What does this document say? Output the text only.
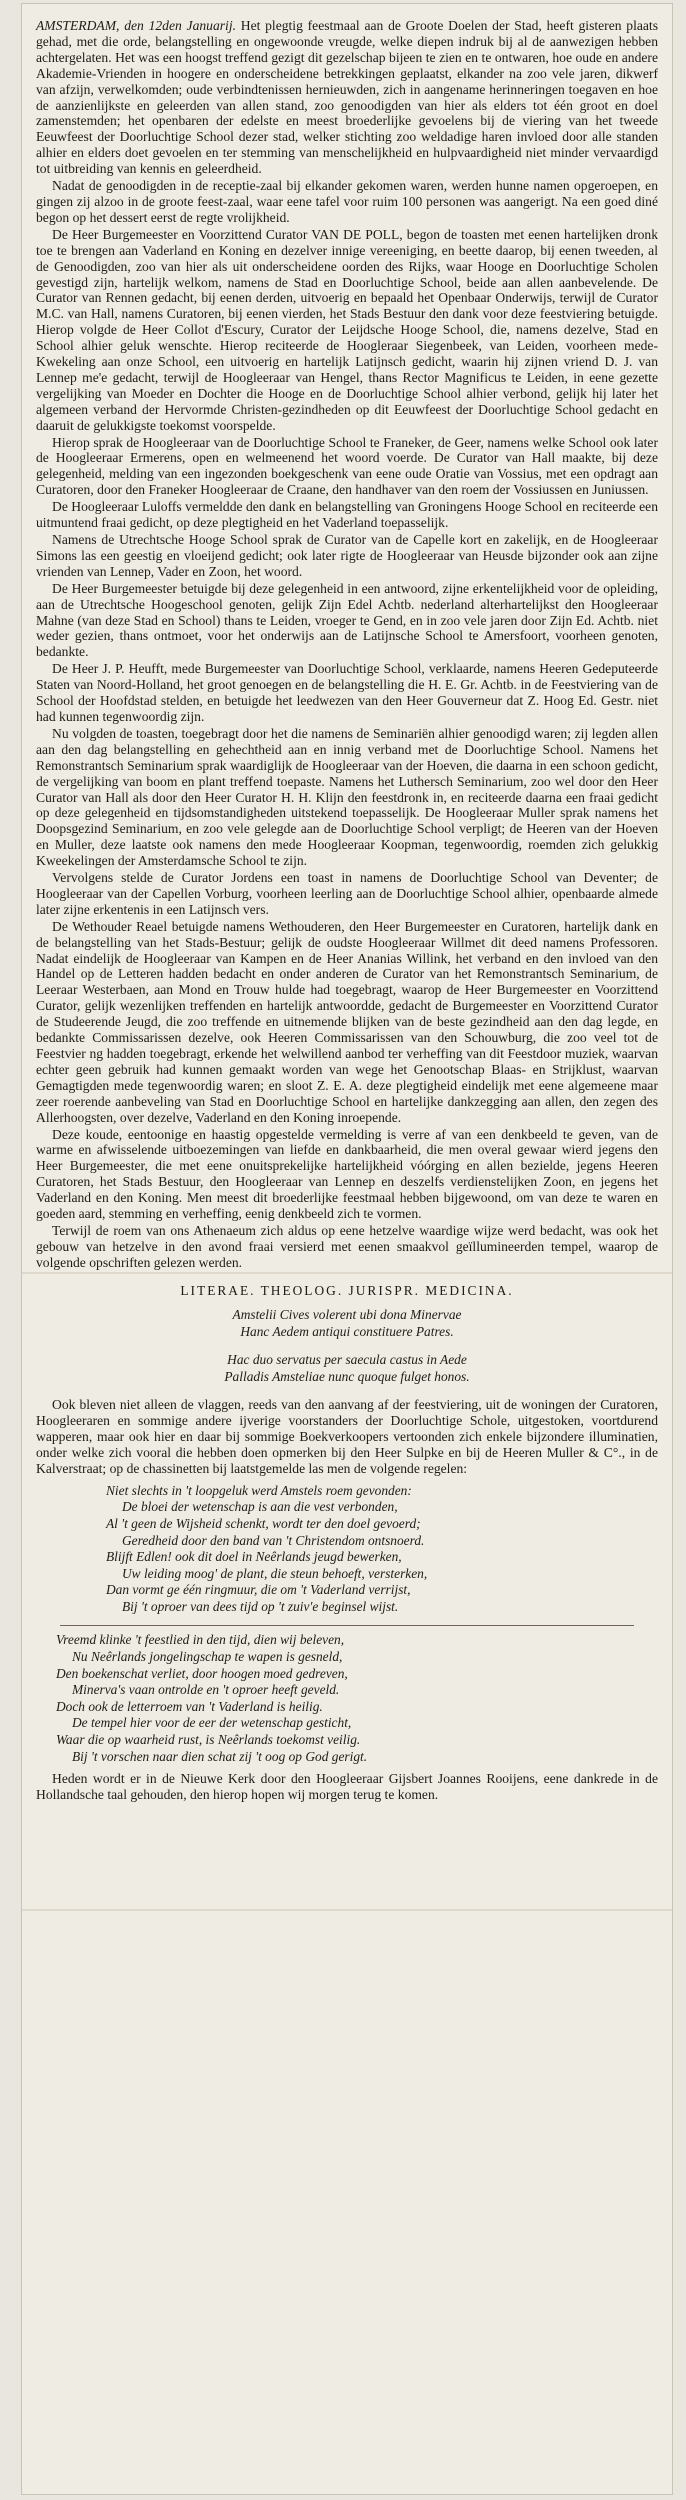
AMSTERDAM, den 12den Januarij. Het plegtig feestmaal aan de Groote Doelen der Stad, heeft gisteren plaats gehad, met die orde, belangstelling en ongewoonde vreugde, welke diepen indruk bij al de aanwezigen hebben achtergelaten. Het was een hoogst treffend gezigt dit gezelschap bijeen te zien en te ontwaren, hoe oude en andere Akademie-Vrienden in hoogere en onderscheidene betrekkingen geplaatst, elkander na zoo vele jaren, dikwerf van afzijn, verwelkomden; oude verbindtenissen hernieuwden, zich in aangename herinneringen toegaven en hoe de aanzienlijkste en geleerden van allen stand, zoo genoodigden van hier als elders tot één groot en doel zamenstemden; het openbaren der edelste en meest broederlijke gevoelens bij de viering van het tweede Eeuwfeest der Doorluchtige School dezer stad, welker stichting zoo weldadige haren invloed door alle standen alhier en elders doet gevoelen en ter stemming van menschelijkheid en hulpvaardigheid niet minder vervaardigd tot uitbreiding van kennis en geleerdheid.

Nadat de genoodigden in de receptie-zaal bij elkander gekomen waren, werden hunne namen opgeroepen, en gingen zij alzoo in de groote feest-zaal, waar eene tafel voor ruim 100 personen was aangerigt. Na een goed diné begon op het dessert eerst de regte vrolijkheid.

De Heer Burgemeester en Voorzittend Curator VAN DE POLL, begon de toasten met eenen hartelijken dronk toe te brengen aan Vaderland en Koning en dezelver innige vereeniging, en beette daarop, bij eenen tweeden, al de Genoodigden, zoo van hier als uit onderscheidene oorden des Rijks, waar Hooge en Doorluchtige Scholen gevestigd zijn, hartelijk welkom, namens de Stad en Doorluchtige School, beide aan allen aanbevelende. De Curator van Rennen gedacht, bij eenen derden, uitvoerig en bepaald het Openbaar Onderwijs, terwijl de Curator M.C. van Hall, namens Curatoren, bij eenen vierden, het Stads Bestuur den dank voor deze feestviering betuigde. Hierop volgde de Heer Collot d'Escury, Curator der Leijdsche Hooge School, die, namens dezelve, Stad en School alhier geluk wenschte. Hierop reciteerde de Hoogleraar Siegenbeek, van Leiden, voorheen mede-Kwekeling aan onze School, een uitvoerig en hartelijk Latijnsch gedicht, waarin hij zijnen vriend D. J. van Lennep me'e gedacht, terwijl de Hoogleeraar van Hengel, thans Rector Magnificus te Leiden, in eene gezette vergelijking van Moeder en Dochter die Hooge en de Doorluchtige School alhier verbond, gelijk hij later het algemeen verband der Hervormde Christen-gezindheden op dit Eeuwfeest der Doorluchtige School gedacht en daaruit de gelukkigste toekomst voorspelde.

Hierop sprak de Hoogleeraar van de Doorluchtige School te Franeker, de Geer, namens welke School ook later de Hoogleeraar Ermerens, open en welmeenend het woord voerde. De Curator van Hall maakte, bij deze gelegenheid, melding van een ingezonden boekgeschenk van eene oude Oratie van Vossius, met een opdragt aan Curatoren, door den Franeker Hoogleeraar de Craane, den handhaver van den roem der Vossiussen en Juniussen.

De Hoogleeraar Luloffs vermeldde den dank en belangstelling van Groningens Hooge School en reciteerde een uitmuntend fraai gedicht, op deze plegtigheid en het Vaderland toepasselijk.

Namens de Utrechtsche Hooge School sprak de Curator van de Capelle kort en zakelijk, en de Hoogleeraar Simons las een geestig en vloeijend gedicht; ook later rigte de Hoogleeraar van Heusde bijzonder ook aan zijne vrienden van Lennep, Vader en Zoon, het woord.

De Heer Burgemeester betuigde bij deze gelegenheid in een antwoord, zijne erkentelijkheid voor de opleiding, aan de Utrechtsche Hoogeschool genoten, gelijk Zijn Edel Achtb. nederland alterhartelijkst den Hoogleeraar Mahne (van deze Stad en School) thans te Leiden, vroeger te Gend, en in zoo vele jaren door Zijn Ed. Achtb. niet weder gezien, thans ontmoet, voor het onderwijs aan de Latijnsche School te Amersfoort, voorheen genoten, bedankte.

De Heer J. P. Heufft, mede Burgemeester van Doorluchtige School, verklaarde, namens Heeren Gedeputeerde Staten van Noord-Holland, het groot genoegen en de belangstelling die H. E. Gr. Achtb. in de Feestviering van de School der Hoofdstad stelden, en betuigde het leedwezen van den Heer Gouverneur dat Z. Hoog Ed. Gestr. niet had kunnen tegenwoordig zijn.

Nu volgden de toasten, toegebragt door het die namens de Seminariën alhier genoodigd waren; zij legden allen aan den dag belangstelling en gehechtheid aan en innig verband met de Doorluchtige School. Namens het Remonstrantsch Seminarium sprak waardiglijk de Hoogleeraar van der Hoeven, die daarna in een schoon gedicht, de vergelijking van boom en plant treffend toepaste. Namens het Luthersch Seminarium, zoo wel door den Heer Curator van Hall als door den Heer Curator H. H. Klijn den feestdronk in, en reciteerde daarna een fraai gedicht op deze gelegenheid en tijdsomstandigheden uitstekend toepasselijk. De Hoogleeraar Muller sprak namens het Doopsgezind Seminarium, en zoo vele gelegde aan de Doorluchtige School verpligt; de Heeren van der Hoeven en Muller, deze laatste ook namens den mede Hoogleeraar Koopman, tegenwoordig, roemden zich gelukkig Kweekelingen der Amsterdamsche School te zijn.

Vervolgens stelde de Curator Jordens een toast in namens de Doorluchtige School van Deventer; de Hoogleeraar van der Capellen Vorburg, voorheen leerling aan de Doorluchtige School alhier, openbaarde almede later zijne erkentenis in een Latijnsch vers.

De Wethouder Reael betuigde namens Wethouderen, den Heer Burgemeester en Curatoren, hartelijk dank en de belangstelling van het Stads-Bestuur; gelijk de oudste Hoogleeraar Willmet dit deed namens Professoren. Nadat eindelijk de Hoogleeraar van Kampen en de Heer Ananias Willink, het verband en den invloed van den Handel op de Letteren hadden bedacht en onder anderen de Curator van het Remonstrantsch Seminarium, de Leeraar Westerbaen, aan Mond en Trouw hulde had toegebragt, waarop de Heer Burgemeester en Voorzittend Curator, gelijk wezenlijken treffenden en hartelijk antwoordde, gedacht de Burgemeester en Voorzittend Curator de Studeerende Jeugd, die zoo treffende en uitnemende blijken van de beste gezindheid aan den dag legde, en bedankte Commissarissen dezelve, ook Heeren Commissarissen van den Schouwburg, die zoo veel tot de Feestvier ng hadden toegebragt, erkende het welwillend aanbod ter verheffing van dit Feestdoor muziek, waarvan echter geen gebruik had kunnen gemaakt worden van wege het Genootschap Blaas- en Strijklust, waarvan Gemagtigden mede tegenwoordig waren; en sloot Z. E. A. deze plegtigheid eindelijk met eene algemeene maar zeer roerende aanbeveling van Stad en Doorluchtige School en hartelijke dankzegging aan allen, den zegen des Allerhoogsten, over dezelve, Vaderland en den Koning inroepende.

Deze koude, eentoonige en haastig opgestelde vermelding is verre af van een denkbeeld te geven, van de warme en afwisselende uitboezemingen van liefde en dankbaarheid, die men overal gewaar wierd jegens den Heer Burgemeester, die met eene onuitsprekelijke hartelijkheid vóórging en allen bezielde, jegens Heeren Curatoren, het Stads Bestuur, den Hoogleeraar van Lennep en deszelfs verdienstelijken Zoon, en jegens het Vaderland en den Koning. Men meest dit broederlijke feestmaal hebben bijgewoond, om van deze te waren en goeden aard, stemming en verheffing, eenig denkbeeld zich te vormen.

Terwijl de roem van ons Athenaeum zich aldus op eene hetzelve waardige wijze werd bedacht, was ook het gebouw van hetzelve in den avond fraai versierd met eenen smaakvol geïllumineerden tempel, waarop de volgende opschriften gelezen werden.

LITERAE. THEOLOG. JURISPR. MEDICINA.
Amstelii Cives volerent ubi dona Minervae
Hanc Aedem antiqui constituere Patres.
Hac duo servatus per saecula castus in Aede
Palladis Amsteliae nunc quoque fulget honos.

Ook bleven niet alleen de vlaggen, reeds van den aanvang af der feestviering, uit de woningen der Curatoren, Hoogleeraren en sommige andere ijverige voorstanders der Doorluchtige Schole, uitgestoken, voortdurend wapperen, maar ook hier en daar bij sommige Boekverkoopers vertoonden zich enkele bijzondere illuminatien, onder welke zich vooral die hebben doen opmerken bij den Heer Sulpke en bij de Heeren Muller & C°., in de Kalverstraat; op de chassinetten bij laatstgemelde las men de volgende regelen:

Niet slechts in 't loopgeluk werd Amstels roem gevonden:
De bloei der wetenschap is aan die vest verbonden,
Al 't geen de Wijsheid schenkt, wordt ter den doel gevoerd;
Geredheid door den band van 't Christendom ontsnoerd.
Blijft Edlen! ook dit doel in Neêrlands jeugd bewerken,
Uw leiding moog' de plant, die steun behoeft, versterken,
Dan vormt ge één ringmuur, die om 't Vaderland verrijst,
Bij 't oproer van dees tijd op 't zuiv'e beginsel wijst.
Vreemd klinke 't feestlied in den tijd, dien wij beleven,
Nu Neêrlands jongelingschap te wapen is gesneld,
Den boekenschat verliet, door hoogen moed gedreven,
Minerva's vaan ontrolde en 't oproer heeft geveld.
Doch ook de letterroem van 't Vaderland is heilig.
De tempel hier voor de eer der wetenschap gesticht,
Waar die op waarheid rust, is Neêrlands toekomst veilig.
Bij 't vorschen naar dien schat zij 't oog op God gerigt.

Heden wordt er in de Nieuwe Kerk door den Hoogleeraar Gijsbert Joannes Rooijens, eene dankrede in de Hollandsche taal gehouden, den hierop hopen wij morgen terug te komen.
